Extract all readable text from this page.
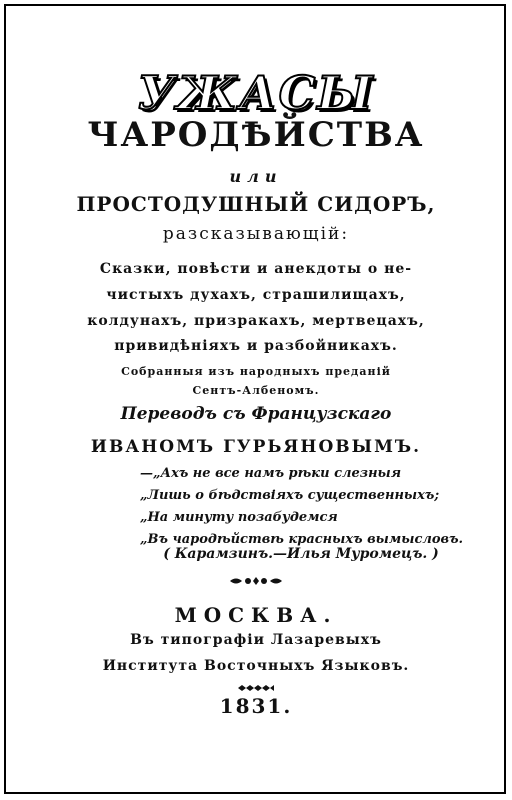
УЖАСЫ
ЧАРОДѢЙСТВА
или
ПРОСТОДУШНЫЙ СИДОРЪ,
разсказывающій:
Сказки, повѣсти и анекдоты о не-
чистыхъ духахъ, страшилищахъ,
колдунахъ, призракахъ, мертвецахъ,
привидѣніяхъ и разбойникахъ.
Собранныя изъ народныхъ преданій
Сентъ-Албеномъ.
Переводъ съ Французскаго
ИВАНОМЪ ГУРЬЯНОВЫМЪ.
—„Ахъ не все намъ рѣки слезныя
„Лишь о бѣдствіяхъ существенныхъ;
„На минуту позабудемся
„Въ чародѣйствѣ красныхъ вымысловъ.
( Карамзинъ.—Илья Муромецъ. )
МОСКВА.
Въ типографіи Лазаревыхъ
Института Восточныхъ Языковъ.
1831.
